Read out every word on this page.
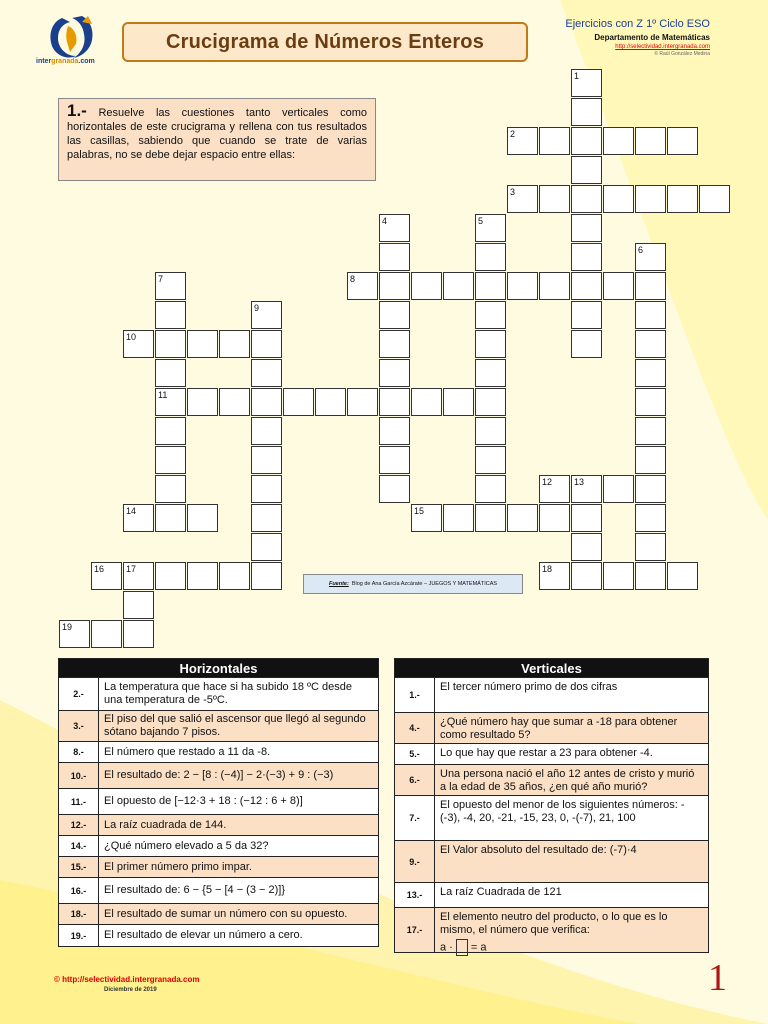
intergranada.com
Crucigrama de Números Enteros
Ejercicios con Z 1º Ciclo ESO
Departamento de Matemáticas
http://selectividad.intergranada.com
© Raúl González Medina
1.- Resuelve las cuestiones tanto verticales como horizontales de este crucigrama y rellena con tus resultados las casillas, sabiendo que cuando se trate de varias palabras, no se debe dejar espacio entre ellas:
1
2
3
4	5
6
7
11
8
9
10
12 13
14	15
16 17	18
19
Fuente: Blog de Ana García Azcárate – JUEGOS Y MATEMÁTICAS
Horizontales
2.-
La temperatura que hace si ha subido 18 ºC desde una temperatura de -5ºC.
3.-
El piso del que salió el ascensor que llegó al segundo sótano bajando 7 pisos.
8.-	El número que restado a 11 da -8.
10.-	El resultado de: 2 − [8 : (−4)] − 2·(−3) + 9 : (−3)
11.-	El opuesto de [−12·3 + 18 : (−12 : 6 + 8)]
12.-	La raíz cuadrada de 144.
14.-	¿Qué número elevado a 5 da 32?
15.-	El primer número primo impar.
16.-	El resultado de: 6 − {5 − [4 − (3 − 2)]}
18.-	El resultado de sumar un número con su opuesto.
19.-	El resultado de elevar un número a cero.
Verticales
1.-
El tercer número primo de dos cifras
4.-	¿Qué número hay que sumar a -18 para obtener como resultado 5?
5.-	Lo que hay que restar a 23 para obtener -4.
6.-	Una persona nació el año 12 antes de cristo y murió a la edad de 35 años, ¿en qué año murió?
7.-
El opuesto del menor de los siguientes números: -(-3), -4, 20, -21, -15, 23, 0, -(-7), 21, 100
9.-
El Valor absoluto del resultado de: (-7)·4
13.-	La raíz Cuadrada de 121
17.-
El elemento neutro del producto, o lo que es lo mismo, el número que verifica:
a · = a
© http://selectividad.intergranada.com
Diciembre de 2019	1
